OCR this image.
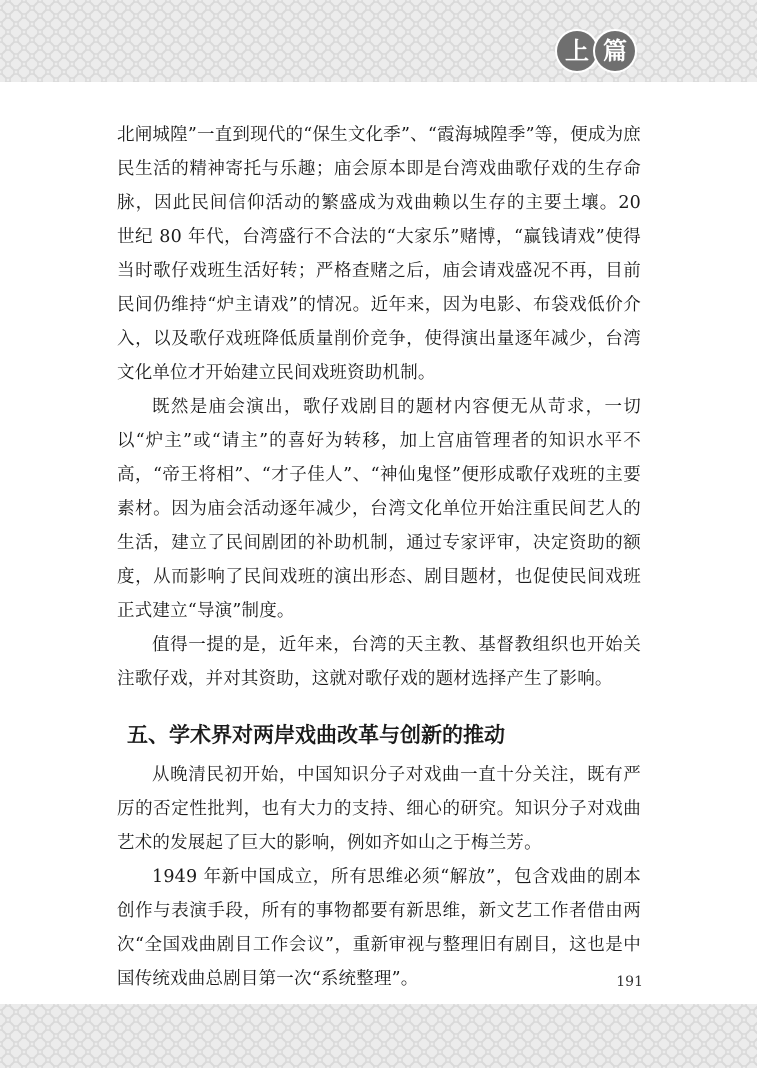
上 篇

北闸城隍”一直到现代的“保生文化季”、“霞海城隍季”等，便成为庶民生活的精神寄托与乐趣；庙会原本即是台湾戏曲歌仔戏的生存命脉，因此民间信仰活动的繁盛成为戏曲赖以生存的主要土壤。20 世纪 80 年代，台湾盛行不合法的“大家乐”赌博，“赢钱请戏”使得当时歌仔戏班生活好转；严格查赌之后，庙会请戏盛况不再，目前民间仍维持“炉主请戏”的情况。近年来，因为电影、布袋戏低价介入，以及歌仔戏班降低质量削价竞争，使得演出量逐年减少，台湾文化单位才开始建立民间戏班资助机制。

既然是庙会演出，歌仔戏剧目的题材内容便无从苛求，一切以“炉主”或“请主”的喜好为转移，加上宫庙管理者的知识水平不高，“帝王将相”、“才子佳人”、“神仙鬼怪”便形成歌仔戏班的主要素材。因为庙会活动逐年减少，台湾文化单位开始注重民间艺人的生活，建立了民间剧团的补助机制，通过专家评审，决定资助的额度，从而影响了民间戏班的演出形态、剧目题材，也促使民间戏班正式建立“导演”制度。

值得一提的是，近年来，台湾的天主教、基督教组织也开始关注歌仔戏，并对其资助，这就对歌仔戏的题材选择产生了影响。

五、学术界对两岸戏曲改革与创新的推动

从晚清民初开始，中国知识分子对戏曲一直十分关注，既有严厉的否定性批判，也有大力的支持、细心的研究。知识分子对戏曲艺术的发展起了巨大的影响，例如齐如山之于梅兰芳。

1949 年新中国成立，所有思维必须“解放”，包含戏曲的剧本创作与表演手段，所有的事物都要有新思维，新文艺工作者借由两次“全国戏曲剧目工作会议”，重新审视与整理旧有剧目，这也是中国传统戏曲总剧目第一次“系统整理”。	191
